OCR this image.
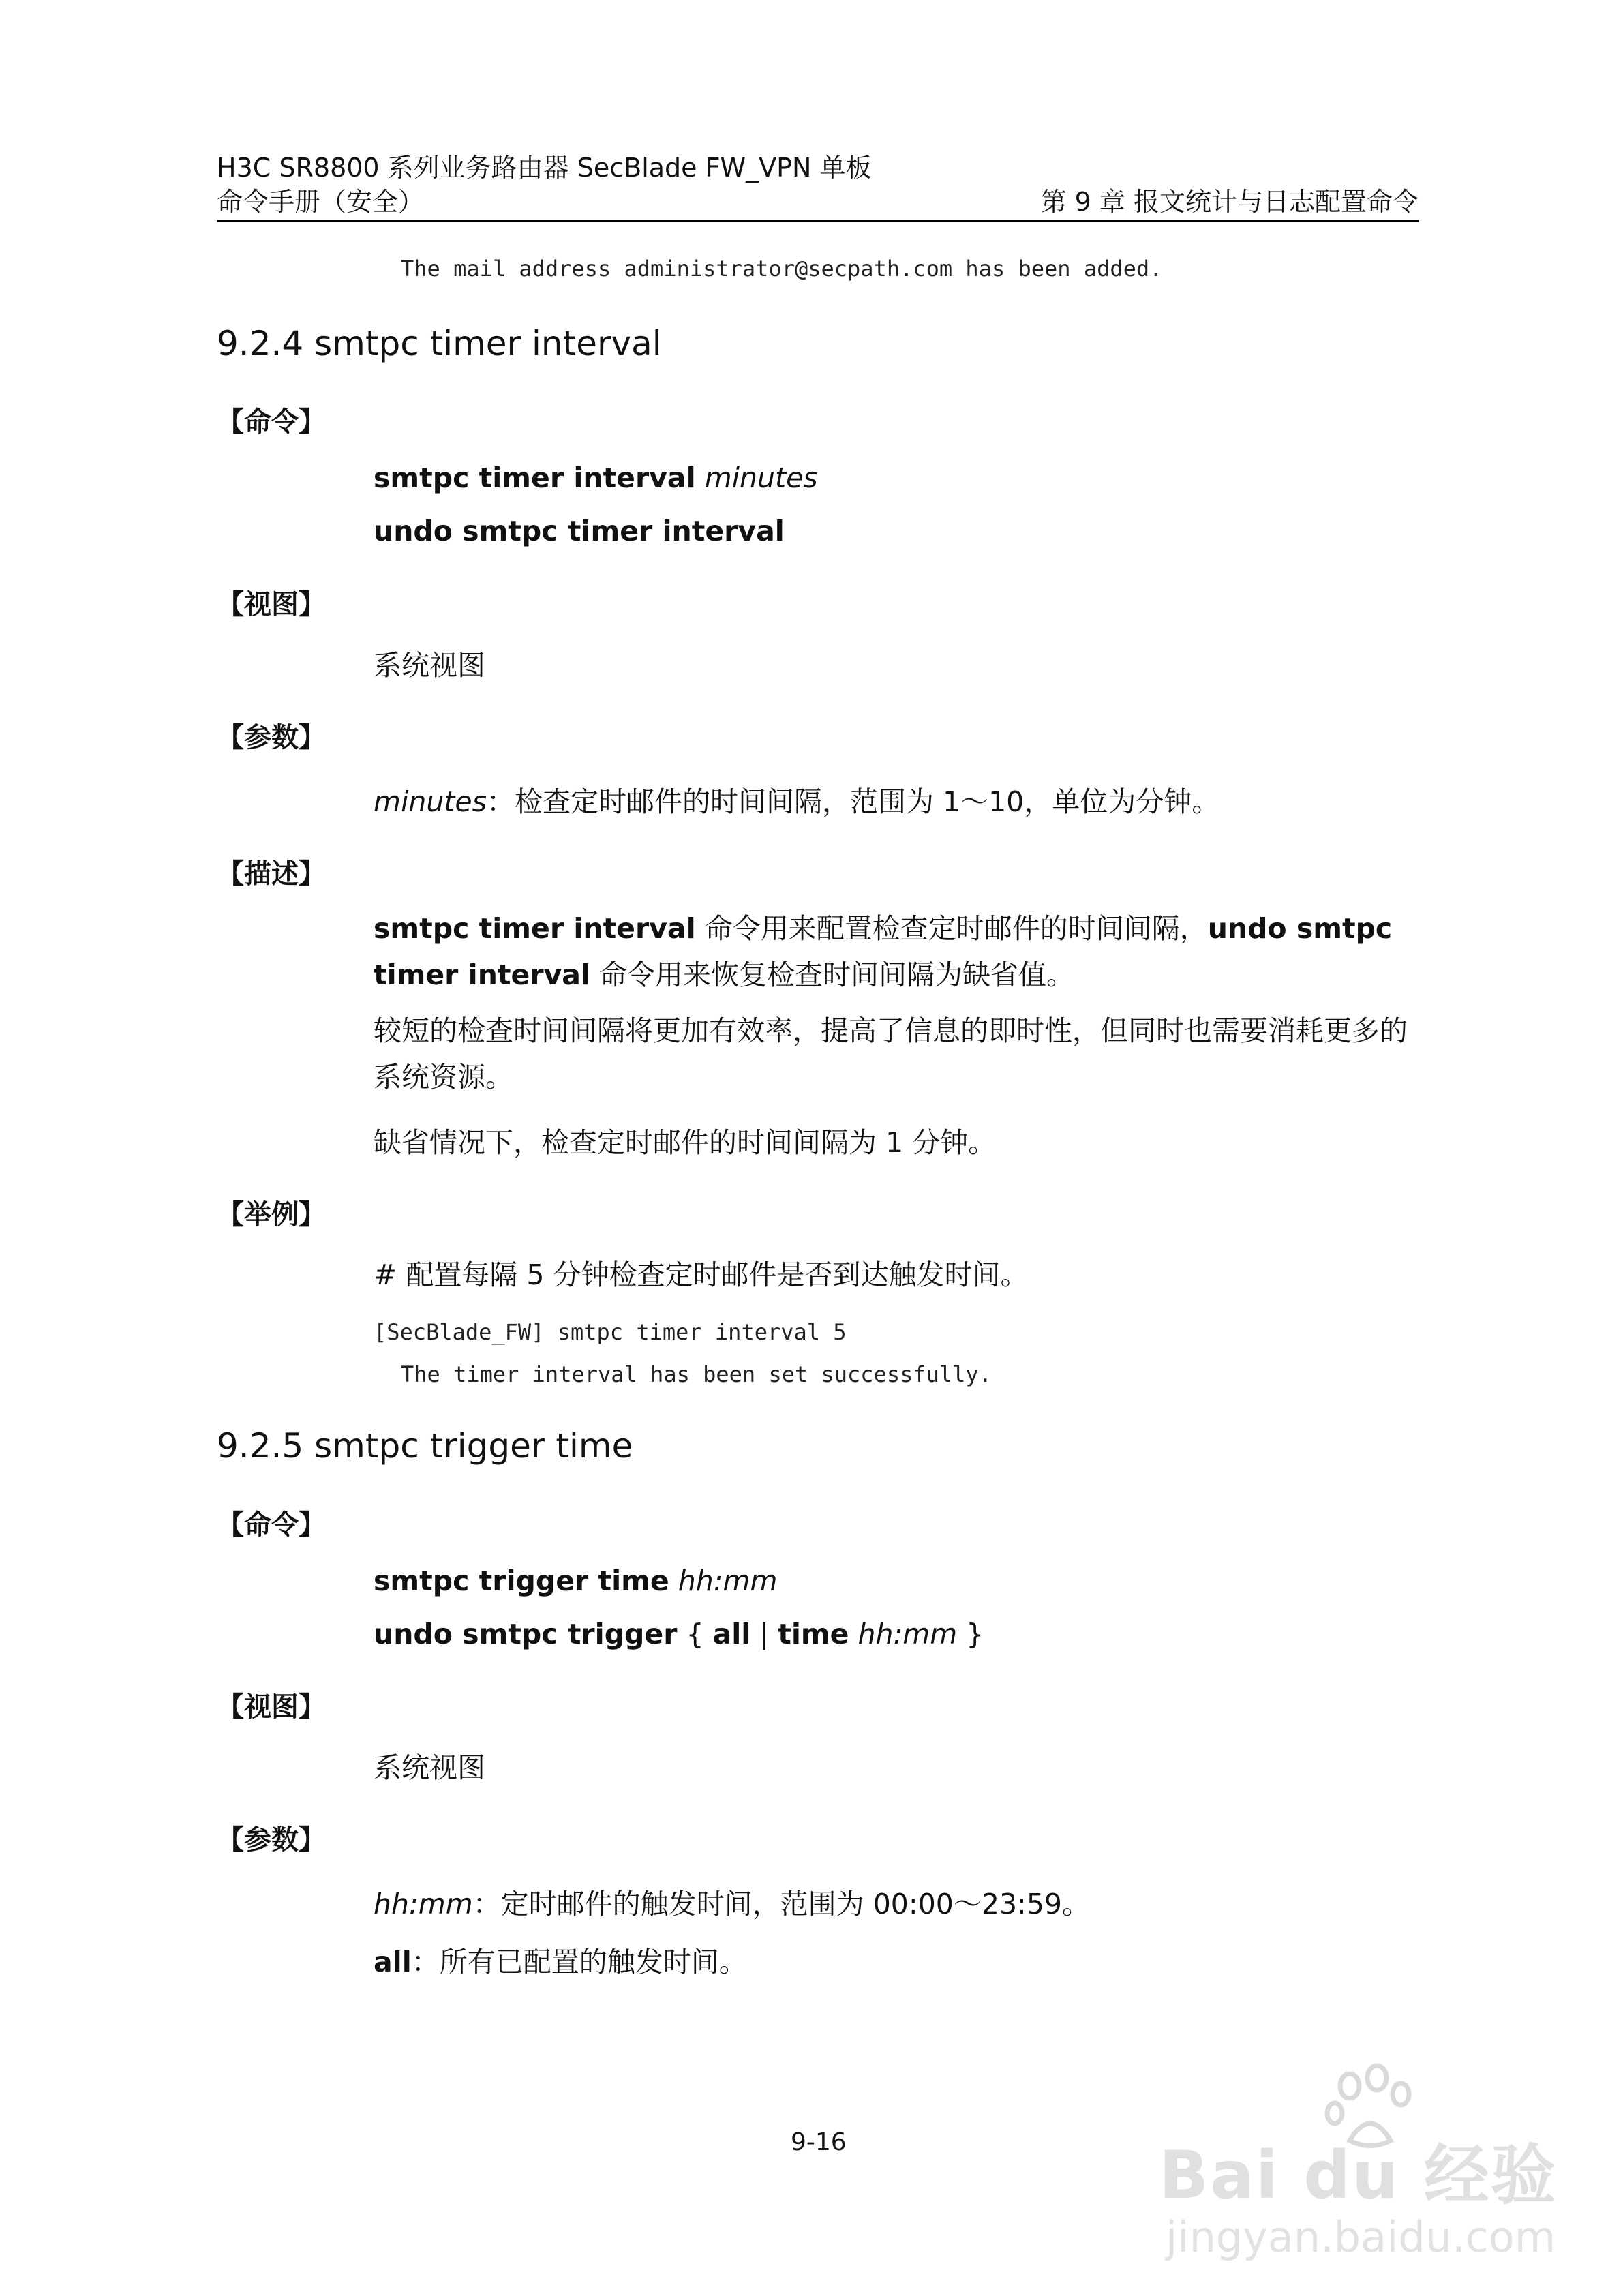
H3C SR8800 系列业务路由器 SecBlade FW_VPN 单板
命令手册（安全）	第 9 章 报文统计与日志配置命令
The mail address administrator@secpath.com has been added.
9.2.4 smtpc timer interval
【命令】
smtpc timer interval minutes
undo smtpc timer interval
【视图】
系统视图
【参数】
minutes：检查定时邮件的时间间隔，范围为 1～10，单位为分钟。
【描述】
smtpc timer interval 命令用来配置检查定时邮件的时间间隔，undo smtpc timer interval 命令用来恢复检查时间间隔为缺省值。
较短的检查时间间隔将更加有效率，提高了信息的即时性，但同时也需要消耗更多的系统资源。
缺省情况下，检查定时邮件的时间间隔为 1 分钟。
【举例】
# 配置每隔 5 分钟检查定时邮件是否到达触发时间。
[SecBlade_FW] smtpc timer interval 5
The timer interval has been set successfully.
9.2.5 smtpc trigger time
【命令】
smtpc trigger time hh:mm
undo smtpc trigger { all | time hh:mm }
【视图】
系统视图
【参数】
hh:mm：定时邮件的触发时间，范围为 00:00～23:59。
all：所有已配置的触发时间。
9-16	Bai du 经验
jingyan.baidu.com
